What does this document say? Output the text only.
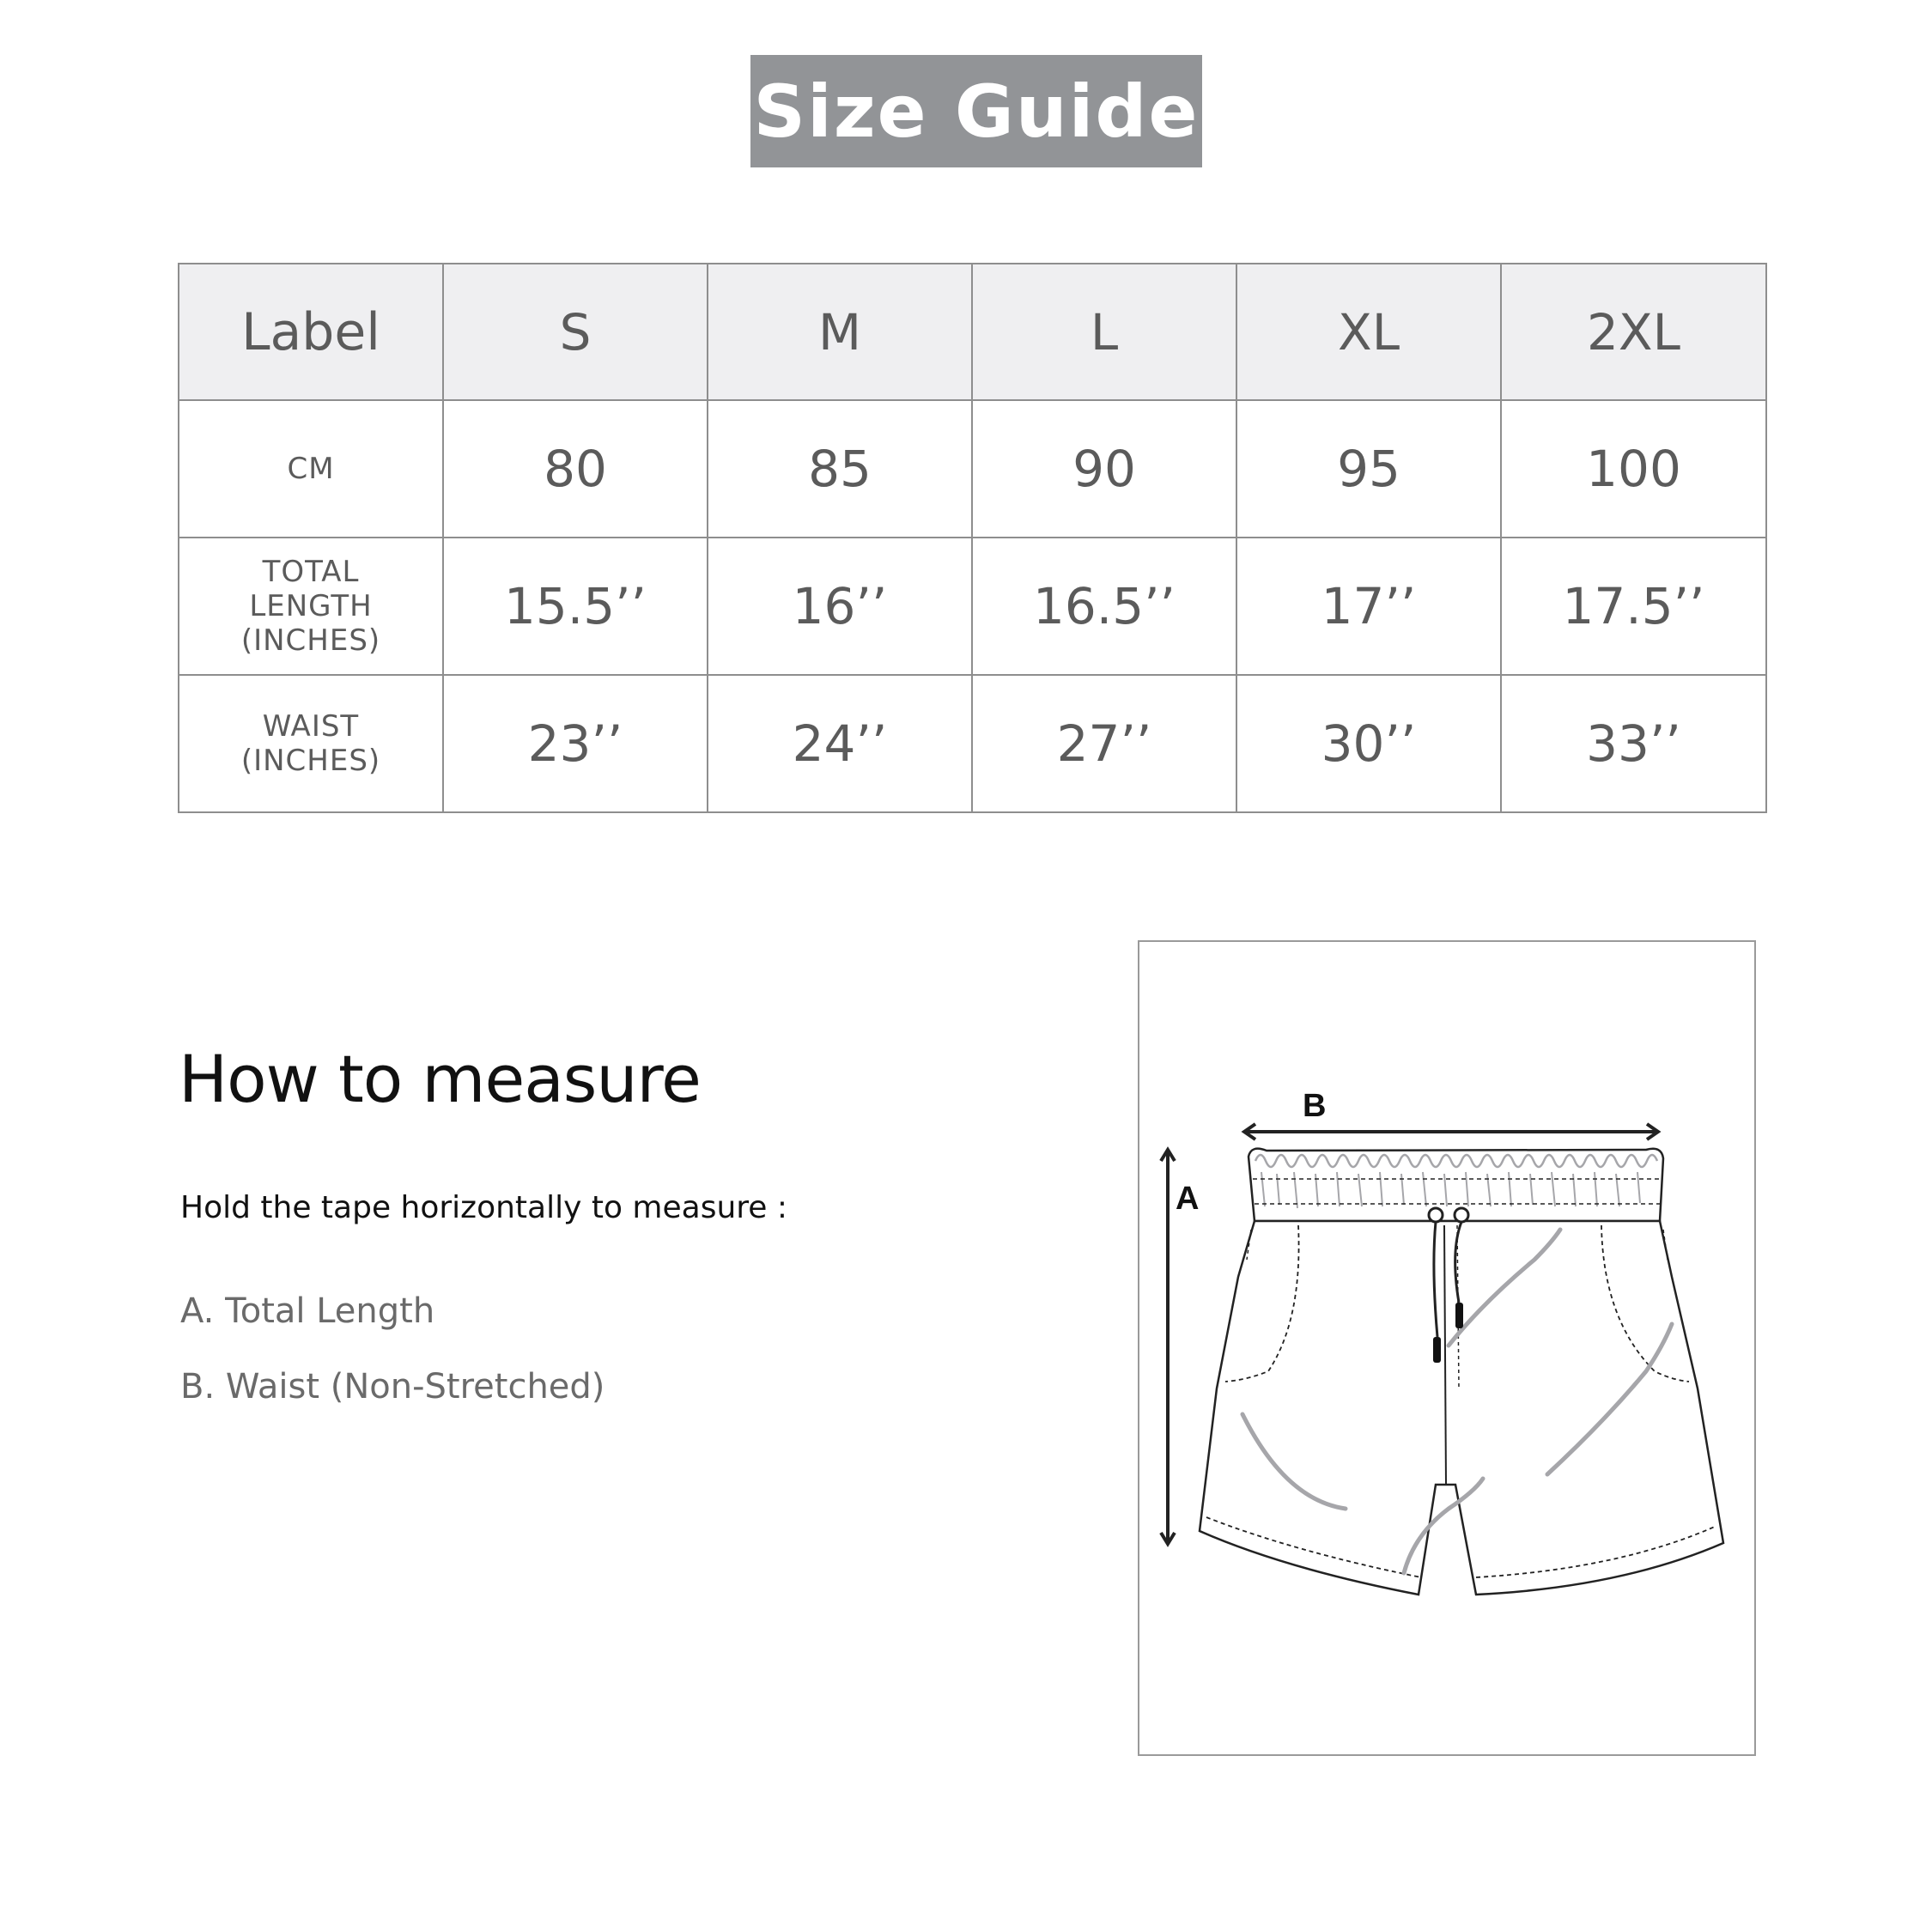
Size Guide
Label	S	M	L	XL	2XL

CM	80	85	90	95	100

TOTAL
LENGTH
(INCHES)	15.5’’	16’’	16.5’’	17’’	17.5’’

WAIST
(INCHES)	23’’	24’’	27’’	30’’	33’’
How to measure
Hold the tape horizontally to measure :
A. Total Length
B. Waist (Non-Stretched)
B
A
